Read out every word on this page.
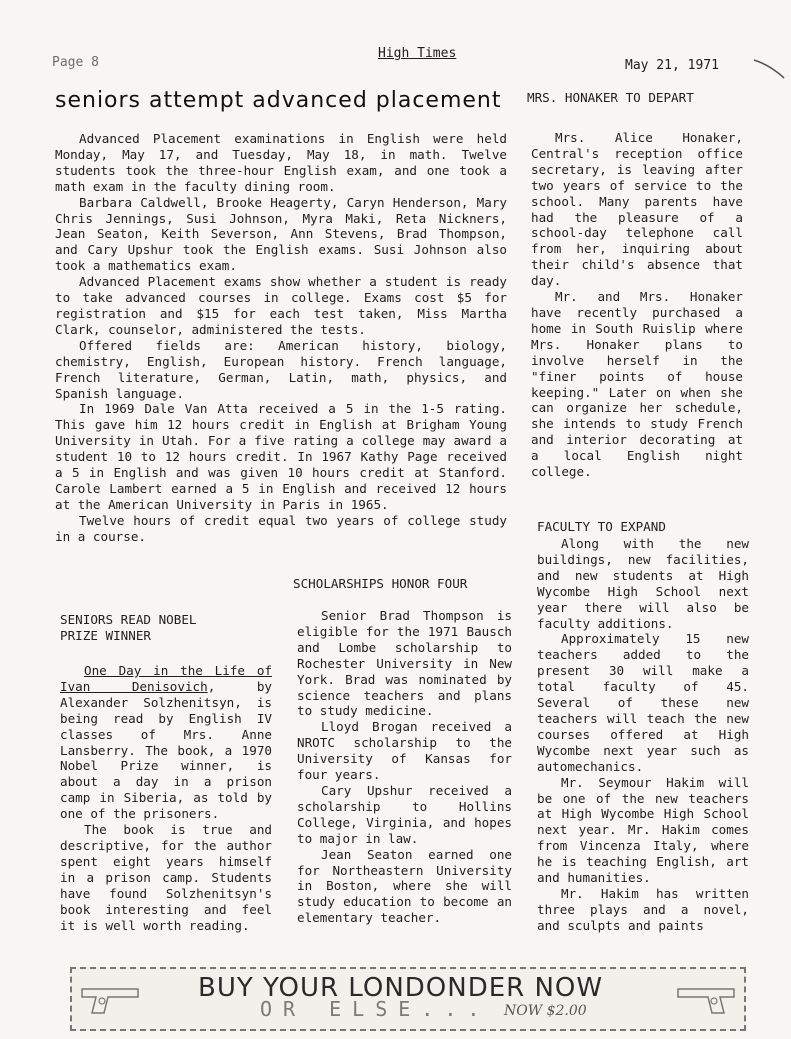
Page 8
High Times
May 21, 1971
seniors attempt advanced placement

Advanced Placement examinations in English were held Monday, May 17, and Tuesday, May 18, in math. Twelve students took the three-hour English exam, and one took a math exam in the faculty dining room.

Barbara Caldwell, Brooke Heagerty, Caryn Henderson, Mary Chris Jennings, Susi Johnson, Myra Maki, Reta Nickners, Jean Seaton, Keith Severson, Ann Stevens, Brad Thompson, and Cary Upshur took the English exams. Susi Johnson also took a mathematics exam.

Advanced Placement exams show whether a student is ready to take advanced courses in college. Exams cost $5 for registration and $15 for each test taken, Miss Martha Clark, counselor, administered the tests.

Offered fields are: American history, biology, chemistry, English, European history. French language, French literature, German, Latin, math, physics, and Spanish language.

In 1969 Dale Van Atta received a 5 in the 1-5 rating. This gave him 12 hours credit in English at Brigham Young University in Utah. For a five rating a college may award a student 10 to 12 hours credit. In 1967 Kathy Page received a 5 in English and was given 10 hours credit at Stanford. Carole Lambert earned a 5 in English and received 12 hours at the American University in Paris in 1965.

Twelve hours of credit equal two years of college study in a course.

SENIORS READ NOBEL PRIZE WINNER

One Day in the Life of Ivan Denisovich, by Alexander Solzhenitsyn, is being read by English IV classes of Mrs. Anne Lansberry. The book, a 1970 Nobel Prize winner, is about a day in a prison camp in Siberia, as told by one of the prisoners.

The book is true and descriptive, for the author spent eight years himself in a prison camp. Students have found Solzhenitsyn's book interesting and feel it is well worth reading.

SCHOLARSHIPS HONOR FOUR

Senior Brad Thompson is eligible for the 1971 Bausch and Lombe scholarship to Rochester University in New York. Brad was nominated by science teachers and plans to study medicine.

Lloyd Brogan received a NROTC scholarship to the University of Kansas for four years.

Cary Upshur received a scholarship to Hollins College, Virginia, and hopes to major in law.

Jean Seaton earned one for Northeastern University in Boston, where she will study education to become an elementary teacher.

MRS. HONAKER TO DEPART

Mrs. Alice Honaker, Central's reception office secretary, is leaving after two years of service to the school. Many parents have had the pleasure of a school-day telephone call from her, inquiring about their child's absence that day.

Mr. and Mrs. Honaker have recently purchased a home in South Ruislip where Mrs. Honaker plans to involve herself in the "finer points of house keeping." Later on when she can organize her schedule, she intends to study French and interior decorating at a local English night college.

FACULTY TO EXPAND

Along with the new buildings, new facilities, and new students at High Wycombe High School next year there will also be faculty additions.

Approximately 15 new teachers added to the present 30 will make a total faculty of 45. Several of these new teachers will teach the new courses offered at High Wycombe next year such as automechanics.

Mr. Seymour Hakim will be one of the new teachers at High Wycombe High School next year. Mr. Hakim comes from Vincenza Italy, where he is teaching English, art and humanities.

Mr. Hakim has written three plays and a novel, and sculpts and paints

BUY YOUR LONDONDER NOW
OR ELSE... NOW $2.00
